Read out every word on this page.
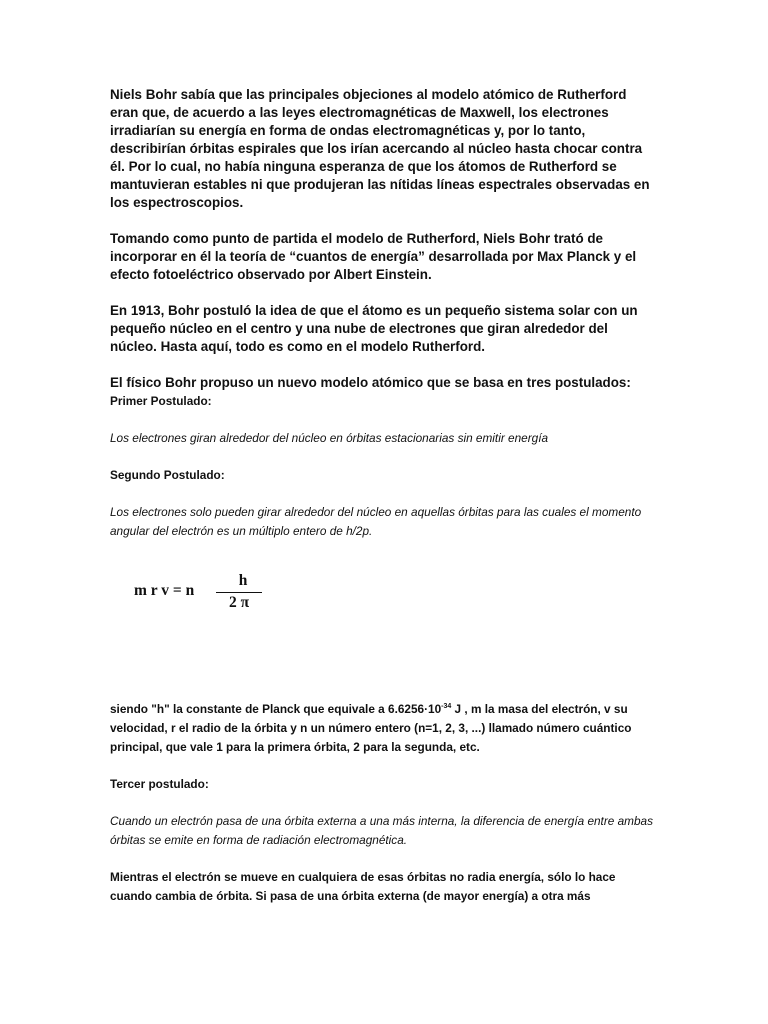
Niels Bohr sabía que las principales objeciones al modelo atómico de Rutherford eran que, de acuerdo a las leyes electromagnéticas de Maxwell, los electrones irradiarían su energía en forma de ondas electromagnéticas y, por lo tanto, describirían órbitas espirales que los irían acercando al núcleo hasta chocar contra él. Por lo cual, no había ninguna esperanza de que los átomos de Rutherford se mantuvieran estables ni que produjeran las nítidas líneas espectrales observadas en los espectroscopios.

Tomando como punto de partida el modelo de Rutherford, Niels Bohr trató de incorporar en él la teoría de “cuantos de energía” desarrollada por Max Planck y el efecto fotoeléctrico observado por Albert Einstein.

En 1913, Bohr postuló la idea de que el átomo es un pequeño sistema solar con un pequeño núcleo en el centro y una nube de electrones que giran alrededor del núcleo. Hasta aquí, todo es como en el modelo Rutherford.

El físico Bohr propuso un nuevo modelo atómico que se basa en tres postulados:

Primer Postulado:

Los electrones giran alrededor del núcleo en órbitas estacionarias sin emitir energía

Segundo Postulado:

Los electrones solo pueden girar alrededor del núcleo en aquellas órbitas para las cuales el momento angular del electrón es un múltiplo entero de h/2p.

siendo "h" la constante de Planck que equivale a $6.6256\cdot 10^{-34}$ J , m la masa del electrón, v su velocidad, r el radio de la órbita y n un número entero (n=1, 2, 3, ...) llamado número cuántico principal, que vale 1 para la primera órbita, 2 para la segunda, etc.

Tercer postulado:

Cuando un electrón pasa de una órbita externa a una más interna, la diferencia de energía entre ambas órbitas se emite en forma de radiación electromagnética.

Mientras el electrón se mueve en cualquiera de esas órbitas no radia energía, sólo lo hace cuando cambia de órbita. Si pasa de una órbita externa (de mayor energía) a otra más

m r v = n
h
2 π
